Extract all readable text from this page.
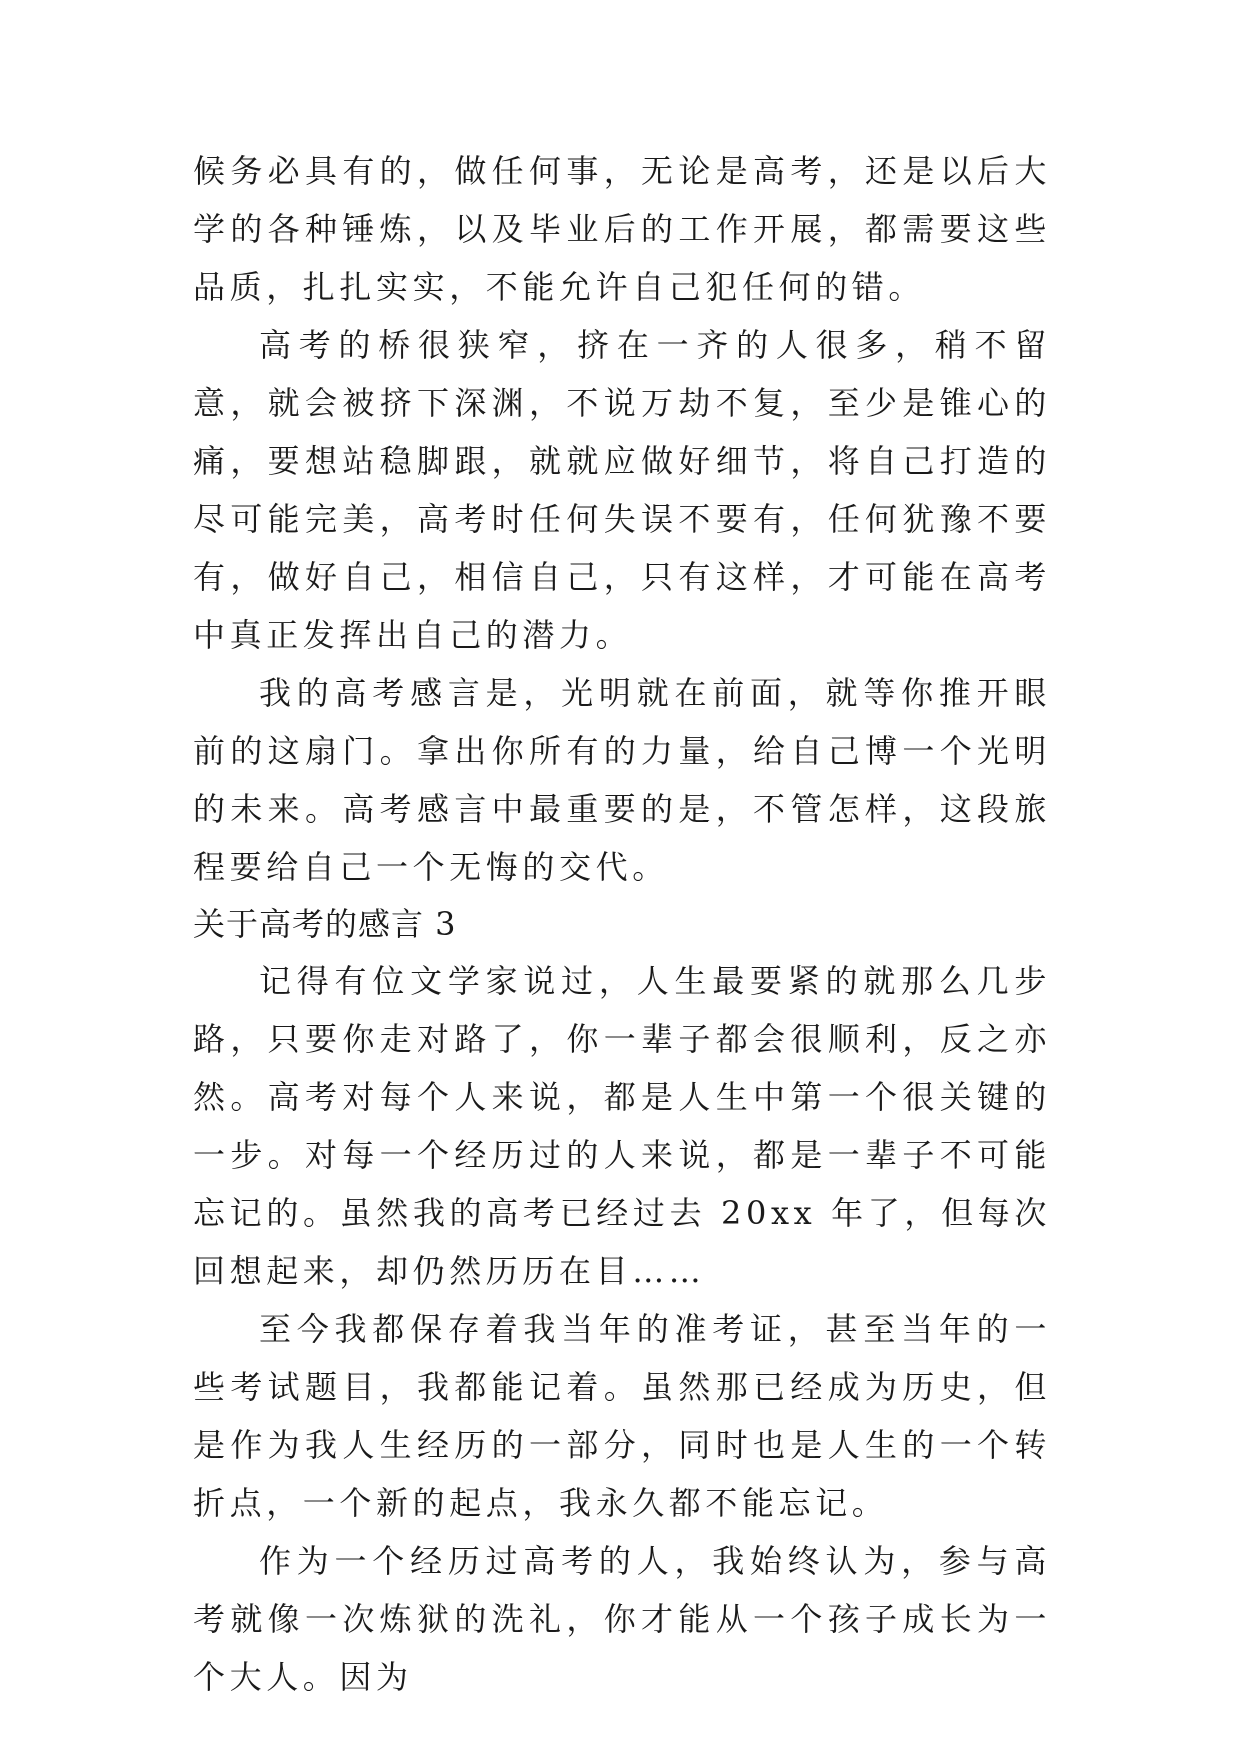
候务必具有的，做任何事，无论是高考，还是以后大学的各种锤炼，以及毕业后的工作开展，都需要这些品质，扎扎实实，不能允许自己犯任何的错。

高考的桥很狭窄，挤在一齐的人很多，稍不留意，就会被挤下深渊，不说万劫不复，至少是锥心的痛，要想站稳脚跟，就就应做好细节，将自己打造的尽可能完美，高考时任何失误不要有，任何犹豫不要有，做好自己，相信自己，只有这样，才可能在高考中真正发挥出自己的潜力。

我的高考感言是，光明就在前面，就等你推开眼前的这扇门。拿出你所有的力量，给自己博一个光明的未来。高考感言中最重要的是，不管怎样，这段旅程要给自己一个无悔的交代。

关于高考的感言 3

记得有位文学家说过，人生最要紧的就那么几步路，只要你走对路了，你一辈子都会很顺利，反之亦然。高考对每个人来说，都是人生中第一个很关键的一步。对每一个经历过的人来说，都是一辈子不可能忘记的。虽然我的高考已经过去 20xx 年了，但每次回想起来，却仍然历历在目……

至今我都保存着我当年的准考证，甚至当年的一些考试题目，我都能记着。虽然那已经成为历史，但是作为我人生经历的一部分，同时也是人生的一个转折点，一个新的起点，我永久都不能忘记。

作为一个经历过高考的人，我始终认为，参与高考就像一次炼狱的洗礼，你才能从一个孩子成长为一个大人。因为
